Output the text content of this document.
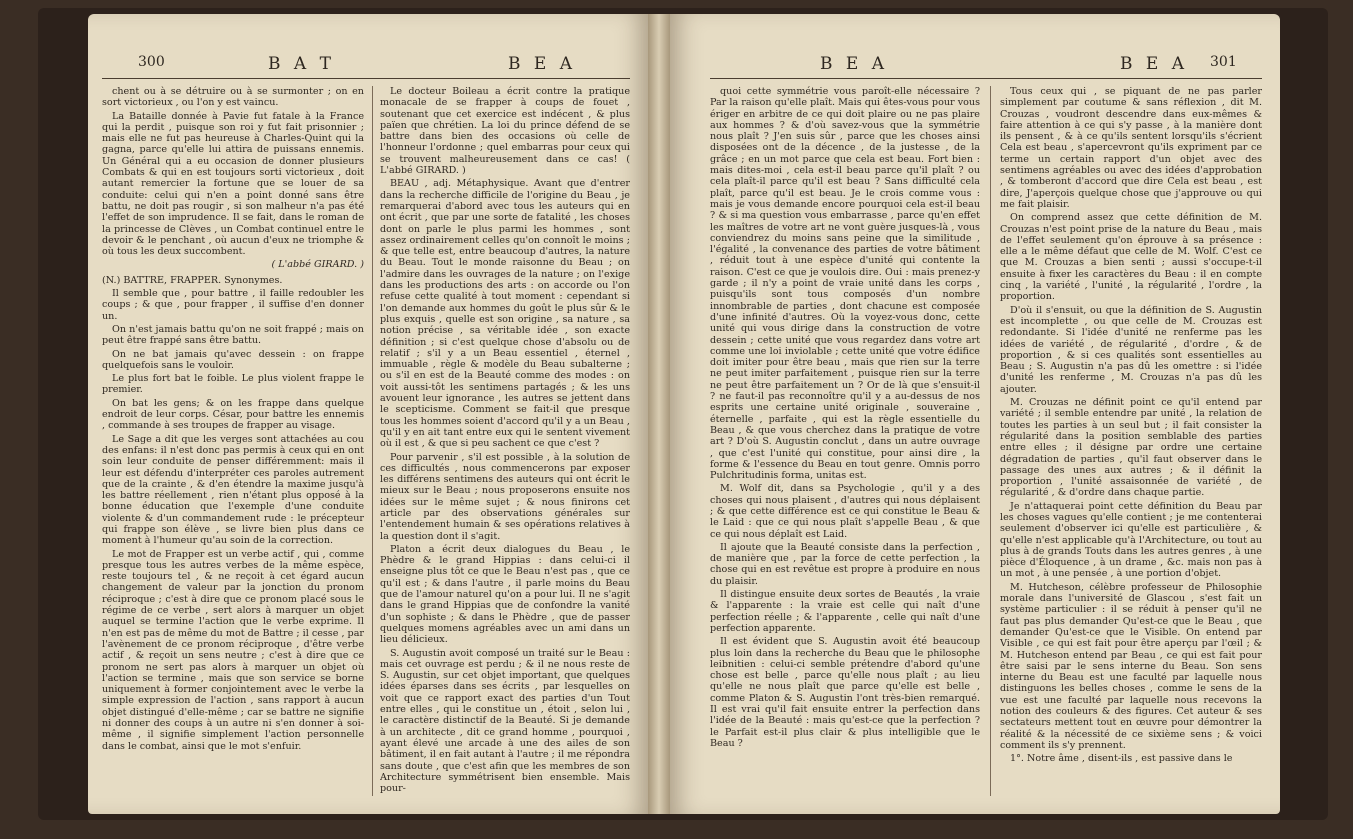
300	B A T	B E A

chent ou à se détruire ou à se surmonter ; on en sort victorieux , ou l'on y est vaincu.

La Bataille donnée à Pavie fut fatale à la France qui la perdit , puisque son roi y fut fait prisonnier ; mais elle ne fut pas heureuse à Charles-Quint qui la gagna, parce qu'elle lui attira de puissans ennemis. Un Général qui a eu occasion de donner plusieurs Combats & qui en est toujours sorti victorieux , doit autant remercier la fortune que se louer de sa conduite: celui qui n'en a point donné sans être battu, ne doit pas rougir , si son malheur n'a pas été l'effet de son imprudence. Il se fait, dans le roman de la princesse de Clèves , un Combat continuel entre le devoir & le penchant , où aucun d'eux ne triomphe & où tous les deux succombent.

( L'abbé GIRARD. )

(N.) BATTRE, FRAPPER. Synonymes.

Il semble que , pour battre , il faille redoubler les coups ; & que , pour frapper , il suffise d'en donner un.

On n'est jamais battu qu'on ne soit frappé ; mais on peut être frappé sans être battu.

On ne bat jamais qu'avec dessein : on frappe quelquefois sans le vouloir.

Le plus fort bat le foible. Le plus violent frappe le premier.

On bat les gens; & on les frappe dans quelque endroit de leur corps. César, pour battre les ennemis , commande à ses troupes de frapper au visage.

Le Sage a dit que les verges sont attachées au cou des enfans: il n'est donc pas permis à ceux qui en ont soin leur conduite de penser différemment: mais il leur est défendu d'interpréter ces paroles autrement que de la crainte , & d'en étendre la maxime jusqu'à les battre réellement , rien n'étant plus opposé à la bonne éducation que l'exemple d'une conduite violente & d'un commandement rude : le précepteur qui frappe son élève , se livre bien plus dans ce moment à l'humeur qu'au soin de la correction.

Le mot de Frapper est un verbe actif , qui , comme presque tous les autres verbes de la même espèce, reste toujours tel , & ne reçoit à cet égard aucun changement de valeur par la jonction du pronom réciproque ; c'est à dire que ce pronom placé sous le régime de ce verbe , sert alors à marquer un objet auquel se termine l'action que le verbe exprime. Il n'en est pas de même du mot de Battre ; il cesse , par l'avènement de ce pronom réciproque , d'être verbe actif , & reçoit un sens neutre ; c'est à dire que ce pronom ne sert pas alors à marquer un objet où l'action se termine , mais que son service se borne uniquement à former conjointement avec le verbe la simple expression de l'action , sans rapport à aucun objet distingué d'elle-même ; car se battre ne signifie ni donner des coups à un autre ni s'en donner à soi-même , il signifie simplement l'action personnelle dans le combat, ainsi que le mot s'enfuir.

Le docteur Boileau a écrit contre la pratique monacale de se frapper à coups de fouet , soutenant que cet exercice est indécent , & plus païen que chrétien. La loi du prince défend de se battre dans bien des occasions où celle de l'honneur l'ordonne ; quel embarras pour ceux qui se trouvent malheureusement dans ce cas! ( L'abbé GIRARD. )

BEAU , adj. Métaphysique. Avant que d'entrer dans la recherche difficile de l'origine du Beau , je remarquerai d'abord avec tous les auteurs qui en ont écrit , que par une sorte de fatalité , les choses dont on parle le plus parmi les hommes , sont assez ordinairement celles qu'on connoît le moins ; & que telle est, entre beaucoup d'autres, la nature du Beau. Tout le monde raisonne du Beau ; on l'admire dans les ouvrages de la nature ; on l'exige dans les productions des arts : on accorde ou l'on refuse cette qualité à tout moment : cependant si l'on demande aux hommes du goût le plus sûr & le plus exquis , quelle est son origine , sa nature , sa notion précise , sa véritable idée , son exacte définition ; si c'est quelque chose d'absolu ou de relatif ; s'il y a un Beau essentiel , éternel , immuable , règle & modèle du Beau subalterne ; ou s'il en est de la Beauté comme des modes : on voit aussi-tôt les sentimens partagés ; & les uns avouent leur ignorance , les autres se jettent dans le scepticisme. Comment se fait-il que presque tous les hommes soient d'accord qu'il y a un Beau , qu'il y en ait tant entre eux qui le sentent vivement où il est , & que si peu sachent ce que c'est ?

Pour parvenir , s'il est possible , à la solution de ces difficultés , nous commencerons par exposer les différens sentimens des auteurs qui ont écrit le mieux sur le Beau ; nous proposerons ensuite nos idées sur le même sujet ; & nous finirons cet article par des observations générales sur l'entendement humain & ses opérations relatives à la question dont il s'agit.

Platon a écrit deux dialogues du Beau , le Phèdre & le grand Hippias : dans celui-ci il enseigne plus tôt ce que le Beau n'est pas , que ce qu'il est ; & dans l'autre , il parle moins du Beau que de l'amour naturel qu'on a pour lui. Il ne s'agit dans le grand Hippias que de confondre la vanité d'un sophiste ; & dans le Phèdre , que de passer quelques momens agréables avec un ami dans un lieu délicieux.

S. Augustin avoit composé un traité sur le Beau : mais cet ouvrage est perdu ; & il ne nous reste de S. Augustin, sur cet objet important, que quelques idées éparses dans ses écrits , par lesquelles on voit que ce rapport exact des parties d'un Tout entre elles , qui le constitue un , étoit , selon lui , le caractère distinctif de la Beauté. Si je demande à un architecte , dit ce grand homme , pourquoi , ayant élevé une arcade à une des ailes de son bâtiment, il en fait autant à l'autre ; il me répondra sans doute , que c'est afin que les membres de son Architecture symmétrisent bien ensemble. Mais pour-

B E A	B E A 301

quoi cette symmétrie vous paroît-elle nécessaire ? Par la raison qu'elle plaît. Mais qui êtes-vous pour vous ériger en arbitre de ce qui doit plaire ou ne pas plaire aux hommes ? & d'où savez-vous que la symmétrie nous plaît ? J'en suis sûr , parce que les choses ainsi disposées ont de la décence , de la justesse , de la grâce ; en un mot parce que cela est beau. Fort bien : mais dites-moi , cela est-il beau parce qu'il plaît ? ou cela plaît-il parce qu'il est beau ? Sans difficulté cela plaît, parce qu'il est beau. Je le crois comme vous : mais je vous demande encore pourquoi cela est-il beau ? & si ma question vous embarrasse , parce qu'en effet les maîtres de votre art ne vont guère jusques-là , vous conviendrez du moins sans peine que la similitude , l'égalité , la convenance des parties de votre bâtiment , réduit tout à une espèce d'unité qui contente la raison. C'est ce que je voulois dire. Oui : mais prenez-y garde ; il n'y a point de vraie unité dans les corps , puisqu'ils sont tous composés d'un nombre innombrable de parties , dont chacune est composée d'une infinité d'autres. Où la voyez-vous donc, cette unité qui vous dirige dans la construction de votre dessein ; cette unité que vous regardez dans votre art comme une loi inviolable ; cette unité que votre édifice doit imiter pour être beau , mais que rien sur la terre ne peut imiter parfaitement , puisque rien sur la terre ne peut être parfaitement un ? Or de là que s'ensuit-il ? ne faut-il pas reconnoître qu'il y a au-dessus de nos esprits une certaine unité originale , souveraine , éternelle , parfaite , qui est la règle essentielle du Beau , & que vous cherchez dans la pratique de votre art ? D'où S. Augustin conclut , dans un autre ouvrage , que c'est l'unité qui constitue, pour ainsi dire , la forme & l'essence du Beau en tout genre. Omnis porro Pulchritudinis forma, unitas est.

M. Wolf dit, dans sa Psychologie , qu'il y a des choses qui nous plaisent , d'autres qui nous déplaisent ; & que cette différence est ce qui constitue le Beau & le Laid : que ce qui nous plaît s'appelle Beau , & que ce qui nous déplaît est Laid.

Il ajoute que la Beauté consiste dans la perfection , de manière que , par la force de cette perfection , la chose qui en est revêtue est propre à produire en nous du plaisir.

Il distingue ensuite deux sortes de Beautés , la vraie & l'apparente : la vraie est celle qui naît d'une perfection réelle ; & l'apparente , celle qui naît d'une perfection apparente.

Il est évident que S. Augustin avoit été beaucoup plus loin dans la recherche du Beau que le philosophe leibnitien : celui-ci semble prétendre d'abord qu'une chose est belle , parce qu'elle nous plaît ; au lieu qu'elle ne nous plaît que parce qu'elle est belle , comme Platon & S. Augustin l'ont très-bien remarqué. Il est vrai qu'il fait ensuite entrer la perfection dans l'idée de la Beauté : mais qu'est-ce que la perfection ? le Parfait est-il plus clair & plus intelligible que le Beau ?

Tous ceux qui , se piquant de ne pas parler simplement par coutume & sans réflexion , dit M. Crouzas , voudront descendre dans eux-mêmes & faire attention à ce qui s'y passe , à la manière dont ils pensent , & à ce qu'ils sentent lorsqu'ils s'écrient Cela est beau , s'apercevront qu'ils expriment par ce terme un certain rapport d'un objet avec des sentimens agréables ou avec des idées d'approbation , & tomberont d'accord que dire Cela est beau , est dire, J'aperçois quelque chose que j'approuve ou qui me fait plaisir.

On comprend assez que cette définition de M. Crouzas n'est point prise de la nature du Beau , mais de l'effet seulement qu'on éprouve à sa présence : elle a le même défaut que celle de M. Wolf. C'est ce que M. Crouzas a bien senti ; aussi s'occupe-t-il ensuite à fixer les caractères du Beau : il en compte cinq , la variété , l'unité , la régularité , l'ordre , la proportion.

D'où il s'ensuit, ou que la définition de S. Augustin est incomplette , ou que celle de M. Crouzas est redondante. Si l'idée d'unité ne renferme pas les idées de variété , de régularité , d'ordre , & de proportion , & si ces qualités sont essentielles au Beau ; S. Augustin n'a pas dû les omettre : si l'idée d'unité les renferme , M. Crouzas n'a pas dû les ajouter.

M. Crouzas ne définit point ce qu'il entend par variété ; il semble entendre par unité , la relation de toutes les parties à un seul but ; il fait consister la régularité dans la position semblable des parties entre elles ; il désigne par ordre une certaine dégradation de parties , qu'il faut observer dans le passage des unes aux autres ; & il définit la proportion , l'unité assaisonnée de variété , de régularité , & d'ordre dans chaque partie.

Je n'attaquerai point cette définition du Beau par les choses vagues qu'elle contient ; je me contenterai seulement d'observer ici qu'elle est particulière , & qu'elle n'est applicable qu'à l'Architecture, ou tout au plus à de grands Touts dans les autres genres , à une pièce d'Éloquence , à un drame , &c. mais non pas à un mot , à une pensée , à une portion d'objet.

M. Hutcheson, célèbre professeur de Philosophie morale dans l'université de Glascou , s'est fait un système particulier : il se réduit à penser qu'il ne faut pas plus demander Qu'est-ce que le Beau , que demander Qu'est-ce que le Visible. On entend par Visible , ce qui est fait pour être aperçu par l'œil ; & M. Hutcheson entend par Beau , ce qui est fait pour être saisi par le sens interne du Beau. Son sens interne du Beau est une faculté par laquelle nous distinguons les belles choses , comme le sens de la vue est une faculté par laquelle nous recevons la notion des couleurs & des figures. Cet auteur & ses sectateurs mettent tout en œuvre pour démontrer la réalité & la nécessité de ce sixième sens ; & voici comment ils s'y prennent.

1°. Notre âme , disent-ils , est passive dans le
